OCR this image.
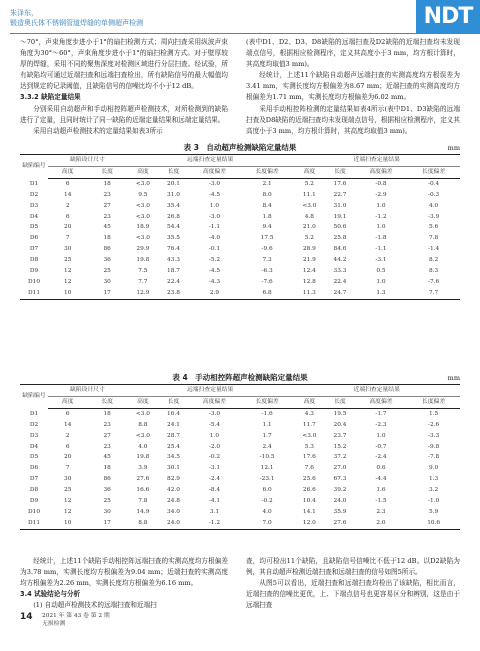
朱泽东，
锻造奥氏体不锈钢管道焊缝的单侧超声检测	NDT

～70°，声束角度步进小于1°的扇扫检测方式；周向扫查采用纵波声束角度为30°～60°，声束角度步进小于1°的扇扫检测方式。对于壁厚较厚的焊缝，采用不同的聚焦深度对检测区域进行分层扫查。经试验，所有缺陷均可通过近端扫查和远端扫查检出，所有缺陷信号的最大幅值均达到规定的记录阈值，且缺陷信号的信噪比均不小于12 dB。

3.3.2 缺陷定量结果

分别采用自动超声和手动相控阵超声检测技术，对所检测到的缺陷进行了定量，且同时统计了同一缺陷的近端定量结果和远端定量结果。

采用自动超声检测技术的定量结果如表3所示

(表中D1、D2、D3、D8缺陷的远端扫查及D2缺陷的近端扫查均未发现端点信号，根据相应检测程序，定义其高度小于3 mm，均方根计算时，其高度均取值3 mm)。

经统计，上述11个缺陷自动超声远端扫查的实测高度均方根误差为3.41 mm，实测长度均方根偏差为8.67 mm；近端扫查的实测高度均方根偏差为1.71 mm，实测长度均方根偏差为6.02 mm。

采用手动相控阵检测的定量结果如表4所示(表中D1、D3缺陷的远端扫查及D8缺陷的近端扫查均未发现端点信号，根据相应检测程序，定义其高度小于3 mm，均方根计算时，其高度均取值3 mm)。

表 3　自动超声检测缺陷定量结果	mm
缺陷编号	缺陷设计尺寸		远端扫查定量结果				近端扫查定量结果			
	高度	长度	高度	长度	高度偏差	长度偏差	高度	长度	高度偏差	长度偏差
D1	6	18	<3.0	20.1	-3.0	2.1	5.2	17.6	-0.8	-0.4
D2	14	23	9.5	31.0	-4.5	8.0	11.1	22.7	-2.9	-0.3
D3	2	27	<3.0	35.4	1.0	8.4	<3.0	31.0	1.0	4.0
D4	6	23	<3.0	26.8	-3.0	1.8	4.8	19.1	-1.2	-3.9
D5	20	45	18.9	54.4	-1.1	9.4	21.0	50.6	1.0	5.6
D6	7	18	<3.0	35.5	-4.0	17.5	5.2	25.8	-1.8	7.8
D7	30	86	29.9	76.4	-0.1	-9.6	28.9	84.6	-1.1	-1.4
D8	25	36	19.8	43.3	-5.2	7.3	21.9	44.2	-3.1	8.2
D9	12	25	7.5	18.7	-4.5	-6.3	12.4	33.3	0.5	8.3
D10	12	30	7.7	22.4	-4.3	-7.6	12.8	22.4	1.0	-7.6
D11	10	17	12.9	23.8	2.9	6.8	11.3	24.7	1.3	7.7
表 4　手动相控阵超声检测缺陷定量结果	mm
缺陷编号	缺陷设计尺寸		远端扫查定量结果				近端扫查定量结果			
	高度	长度	高度	长度	高度偏差	长度偏差	高度	长度	高度偏差	长度偏差
D1	6	18	<3.0	16.4	-3.0	-1.6	4.3	19.5	-1.7	1.5
D2	14	23	8.8	24.1	-5.4	1.1	11.7	20.4	-2.3	-2.6
D3	2	27	<3.0	28.7	1.0	1.7	<3.0	23.7	1.0	-3.3
D4	6	23	4.0	25.4	-2.0	2.4	5.3	15.2	-0.7	-9.8
D5	20	45	19.8	34.5	-0.2	-10.5	17.6	37.2	-2.4	-7.8
D6	7	18	3.9	30.1	-3.1	12.1	7.6	27.0	0.6	9.0
D7	30	86	27.6	82.9	-2.4	-23.1	25.6	67.3	-4.4	1.3
D8	25	36	16.6	42.0	-8.4	6.0	26.6	39.2	1.6	3.2
D9	12	25	7.8	24.8	-4.1	-0.2	10.4	24.0	-1.5	-1.0
D10	12	30	14.9	34.0	3.1	4.0	14.1	35.9	2.3	5.9
D11	10	17	8.8	24.0	-1.2	7.0	12.0	27.6	2.0	10.6

经统计，上述11个缺陷手动相控阵远端扫查的实测高度均方根偏差为3.78 mm，实测长度均方根偏差为9.04 mm；近端扫查的实测高度均方根偏差为2.26 mm，实测长度均方根偏差为6.16 mm。

3.4 试验结论与分析

(1) 自动超声检测技术的远端扫查和近端扫

查，均可检出11个缺陷，且缺陷信号信噪比不低于12 dB。以D2缺陷为例，其自动超声检测近端扫查和远端扫查的信号如图5所示。

从图5可以看出，近端扫查和远端扫查均检出了该缺陷，相比而言，近端扫查的信噪比更优，上、下端点信号也更容易区分和辨别，这是由于远端扫查

14	2021 年 第 43 卷 第 2 期
无损检测
